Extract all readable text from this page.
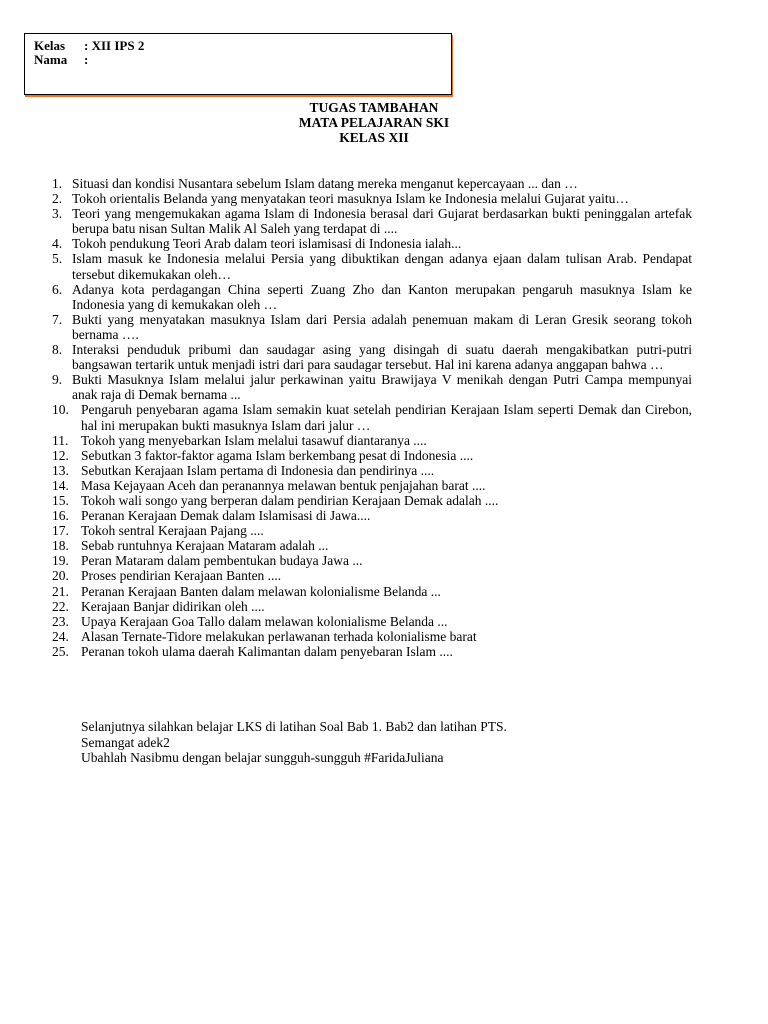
Kelas : XII IPS 2
Nama :
TUGAS TAMBAHAN
MATA PELAJARAN SKI
KELAS XII
1. Situasi dan kondisi Nusantara sebelum Islam datang mereka menganut kepercayaan ... dan …
2. Tokoh orientalis Belanda yang menyatakan teori masuknya Islam ke Indonesia melalui Gujarat yaitu…
3. Teori yang mengemukakan agama Islam di Indonesia berasal dari Gujarat berdasarkan bukti peninggalan artefak berupa batu nisan Sultan Malik Al Saleh yang terdapat di ....
4. Tokoh pendukung Teori Arab dalam teori islamisasi di Indonesia ialah...
5. Islam masuk ke Indonesia melalui Persia yang dibuktikan dengan adanya ejaan dalam tulisan Arab. Pendapat tersebut dikemukakan oleh…
6. Adanya kota perdagangan China seperti Zuang Zho dan Kanton merupakan pengaruh masuknya Islam ke Indonesia yang di kemukakan oleh …
7. Bukti yang menyatakan masuknya Islam dari Persia adalah penemuan makam di Leran Gresik seorang tokoh bernama ….
8. Interaksi penduduk pribumi dan saudagar asing yang disingah di suatu daerah mengakibatkan putri-putri bangsawan tertarik untuk menjadi istri dari para saudagar tersebut. Hal ini karena adanya anggapan bahwa …
9. Bukti Masuknya Islam melalui jalur perkawinan yaitu Brawijaya V menikah dengan Putri Campa mempunyai anak raja di Demak bernama ...
10. Pengaruh penyebaran agama Islam semakin kuat setelah pendirian Kerajaan Islam seperti Demak dan Cirebon, hal ini merupakan bukti masuknya Islam dari jalur …
11. Tokoh yang menyebarkan Islam melalui tasawuf diantaranya ....
12. Sebutkan 3 faktor-faktor agama Islam berkembang pesat di Indonesia ....
13. Sebutkan Kerajaan Islam pertama di Indonesia dan pendirinya ....
14. Masa Kejayaan Aceh dan peranannya melawan bentuk penjajahan barat ....
15. Tokoh wali songo yang berperan dalam pendirian Kerajaan Demak adalah ....
16. Peranan Kerajaan Demak dalam Islamisasi di Jawa....
17. Tokoh sentral Kerajaan Pajang ....
18. Sebab runtuhnya Kerajaan Mataram adalah ...
19. Peran Mataram dalam pembentukan budaya Jawa ...
20. Proses pendirian Kerajaan Banten ....
21. Peranan Kerajaan Banten dalam melawan kolonialisme Belanda ...
22. Kerajaan Banjar didirikan oleh ....
23. Upaya Kerajaan Goa Tallo dalam melawan kolonialisme Belanda ...
24. Alasan Ternate-Tidore melakukan perlawanan terhada kolonialisme barat
25. Peranan tokoh ulama daerah Kalimantan dalam penyebaran Islam ....
Selanjutnya silahkan belajar LKS di latihan Soal Bab 1. Bab2 dan latihan PTS.
Semangat adek2
Ubahlah Nasibmu dengan belajar sungguh-sungguh #FaridaJuliana
